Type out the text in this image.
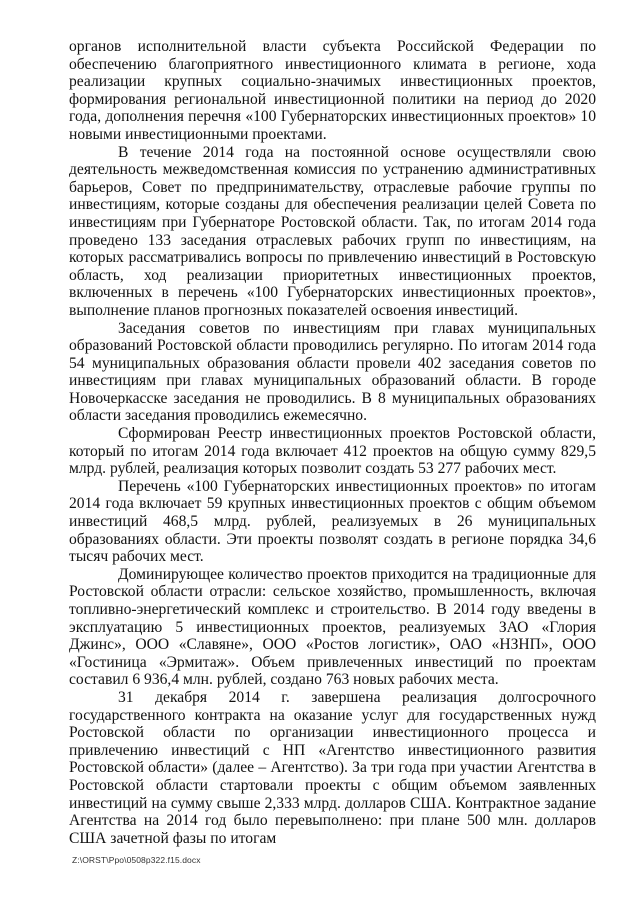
органов исполнительной власти субъекта Российской Федерации по обеспечению благоприятного инвестиционного климата в регионе, хода реализации крупных социально-значимых инвестиционных проектов, формирования региональной инвестиционной политики на период до 2020 года, дополнения перечня «100 Губернаторских инвестиционных проектов» 10 новыми инвестиционными проектами.

В течение 2014 года на постоянной основе осуществляли свою деятельность межведомственная комиссия по устранению административных барьеров, Совет по предпринимательству, отраслевые рабочие группы по инвестициям, которые созданы для обеспечения реализации целей Совета по инвестициям при Губернаторе Ростовской области. Так, по итогам 2014 года проведено 133 заседания отраслевых рабочих групп по инвестициям, на которых рассматривались вопросы по привлечению инвестиций в Ростовскую область, ход реализации приоритетных инвестиционных проектов, включенных в перечень «100 Губернаторских инвестиционных проектов», выполнение планов прогнозных показателей освоения инвестиций.

Заседания советов по инвестициям при главах муниципальных образований Ростовской области проводились регулярно. По итогам 2014 года 54 муниципальных образования области провели 402 заседания советов по инвестициям при главах муниципальных образований области. В городе Новочеркасске заседания не проводились. В 8 муниципальных образованиях области заседания проводились ежемесячно.

Сформирован Реестр инвестиционных проектов Ростовской области, который по итогам 2014 года включает 412 проектов на общую сумму 829,5 млрд. рублей, реализация которых позволит создать 53 277 рабочих мест.

Перечень «100 Губернаторских инвестиционных проектов» по итогам 2014 года включает 59 крупных инвестиционных проектов с общим объемом инвестиций 468,5 млрд. рублей, реализуемых в 26 муниципальных образованиях области. Эти проекты позволят создать в регионе порядка 34,6 тысяч рабочих мест.

Доминирующее количество проектов приходится на традиционные для Ростовской области отрасли: сельское хозяйство, промышленность, включая топливно-энергетический комплекс и строительство. В 2014 году введены в эксплуатацию 5 инвестиционных проектов, реализуемых ЗАО «Глория Джинс», ООО «Славяне», ООО «Ростов логистик», ОАО «НЗНП», ООО «Гостиница «Эрмитаж». Объем привлеченных инвестиций по проектам составил 6 936,4 млн. рублей, создано 763 новых рабочих места.

31 декабря 2014 г. завершена реализация долгосрочного государственного контракта на оказание услуг для государственных нужд Ростовской области по организации инвестиционного процесса и привлечению инвестиций с НП «Агентство инвестиционного развития Ростовской области» (далее – Агентство). За три года при участии Агентства в Ростовской области стартовали проекты с общим объемом заявленных инвестиций на сумму свыше 2,333 млрд. долларов США. Контрактное задание Агентства на 2014 год было перевыполнено: при плане 500 млн. долларов США зачетной фазы по итогам

Z:\ORST\Ppo\0508p322.f15.docx
